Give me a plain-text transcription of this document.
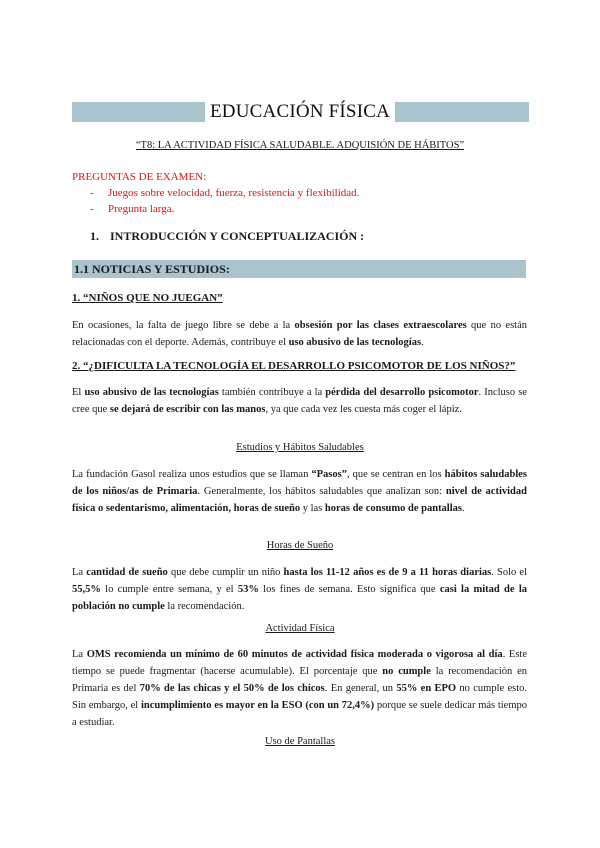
EDUCACIÓN FÍSICA
“T8: LA ACTIVIDAD FÍSICA SALUDABLE. ADQUISIÓN DE HÁBITOS”
PREGUNTAS DE EXAMEN:
- Juegos sobre velocidad, fuerza, resistencia y flexibilidad.
- Pregunta larga.
1. INTRODUCCIÓN Y CONCEPTUALIZACIÓN :
1.1 NOTICIAS Y ESTUDIOS:
1. “NIÑOS QUE NO JUEGAN”
En ocasiones, la falta de juego libre se debe a la obsesión por las clases extraescolares que no están relacionadas con el deporte. Además, contribuye el uso abusivo de las tecnologías.
2. “¿DIFICULTA LA TECNOLOGÍA EL DESARROLLO PSICOMOTOR DE LOS NIÑOS?”
El uso abusivo de las tecnologías también contribuye a la pérdida del desarrollo psicomotor. Incluso se cree que se dejará de escribir con las manos, ya que cada vez les cuesta más coger el lápiz.
Estudios y Hábitos Saludables
La fundación Gasol realiza unos estudios que se llaman “Pasos”, que se centran en los hábitos saludables de los niños/as de Primaria. Generalmente, los hábitos saludables que analizan son: nivel de actividad física o sedentarismo, alimentación, horas de sueño y las horas de consumo de pantallas.
Horas de Sueño
La cantidad de sueño que debe cumplir un niño hasta los 11-12 años es de 9 a 11 horas diarias. Solo el 55,5% lo cumple entre semana, y el 53% los fines de semana. Esto significa que casi la mitad de la población no cumple la recomendación.
Actividad Física
La OMS recomienda un mínimo de 60 minutos de actividad física moderada o vigorosa al día. Este tiempo se puede fragmentar (hacerse acumulable). El porcentaje que no cumple la recomendación en Primaria es del 70% de las chicas y el 50% de los chicos. En general, un 55% en EPO no cumple esto. Sin embargo, el incumplimiento es mayor en la ESO (con un 72,4%) porque se suele dedicar más tiempo a estudiar.
Uso de Pantallas
